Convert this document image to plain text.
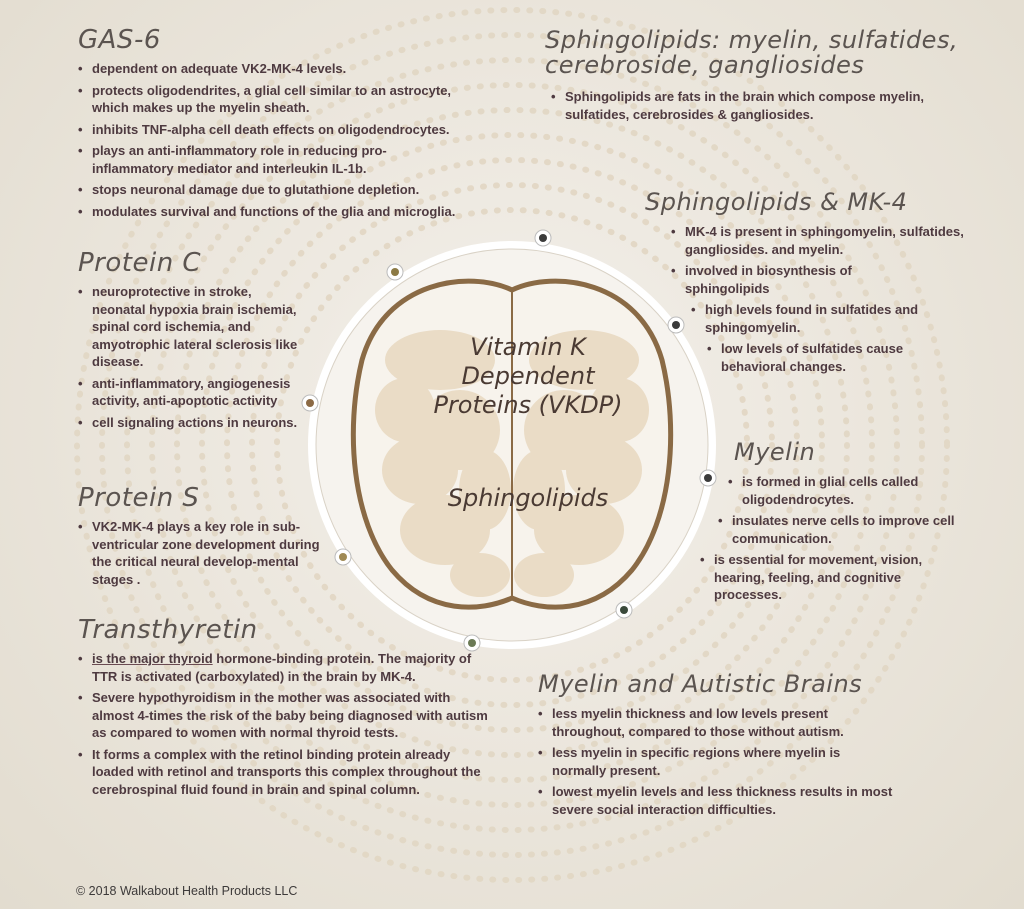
Vitamin K
Dependent
Proteins (VKDP)
Sphingolipids
GAS-6
• dependent on adequate VK2-MK-4 levels.
• protects oligodendrites, a glial cell similar to an astrocyte, which makes up the myelin sheath.
• inhibits TNF-alpha cell death effects on oligodendrocytes.
• plays an anti-inflammatory role in reducing pro-inflammatory mediator and interleukin IL-1b.
• stops neuronal damage due to glutathione depletion.
• modulates survival and functions of the glia and microglia.
Protein C
• neuroprotective in stroke, neonatal hypoxia brain ischemia, spinal cord ischemia, and amyotrophic lateral sclerosis like disease.
• anti-inflammatory, angiogenesis activity, anti-apoptotic activity
• cell signaling actions in neurons.
Protein S
• VK2-MK-4 plays a key role in sub-ventricular zone development during the critical neural develop-mental stages .
Transthyretin
• is the major thyroid hormone-binding protein. The majority of TTR is activated (carboxylated) in the brain by MK-4.
• Severe hypothyroidism in the mother was associated with almost 4-times the risk of the baby being diagnosed with autism as compared to women with normal thyroid tests.
• It forms a complex with the retinol binding protein already loaded with retinol and transports this complex throughout the cerebrospinal fluid found in brain and spinal column.
Sphingolipids: myelin, sulfatides,
cerebroside, gangliosides
• Sphingolipids are fats in the brain which compose myelin, sulfatides, cerebrosides & gangliosides.
Sphingolipids & MK-4
• MK-4 is present in sphingomyelin, sulfatides, gangliosides. and myelin.
• involved in biosynthesis of sphingolipids
• high levels found in sulfatides and sphingomyelin.
• low levels of sulfatides cause behavioral changes.
Myelin
• is formed in glial cells called oligodendrocytes.
• insulates nerve cells to improve cell communication.
• is essential for movement, vision, hearing, feeling, and cognitive processes.
Myelin and Autistic Brains
• less myelin thickness and low levels present throughout, compared to those without autism.
• less myelin in specific regions where myelin is normally present.
• lowest myelin levels and less thickness results in most severe social interaction difficulties.
© 2018 Walkabout Health Products LLC
